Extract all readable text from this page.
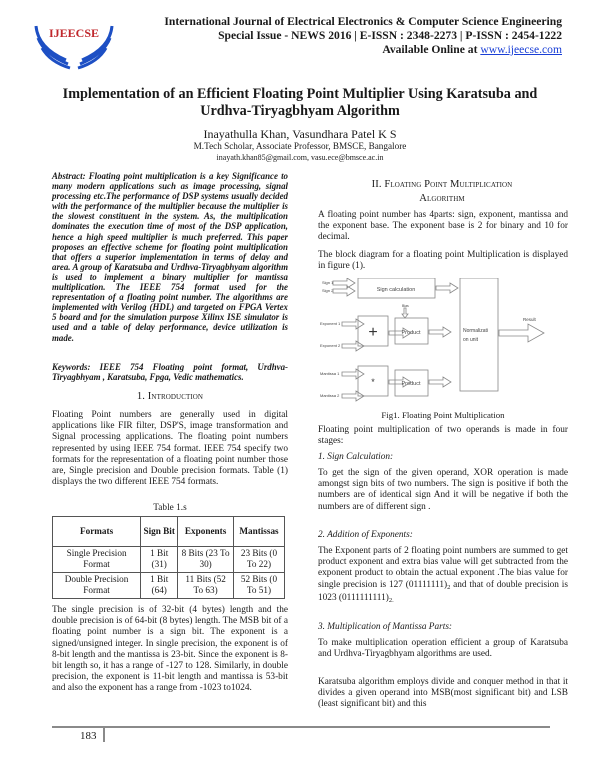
IJEECSE
International Journal of Electrical Electronics & Computer Science Engineering
Special Issue - NEWS 2016 | E-ISSN : 2348-2273 | P-ISSN : 2454-1222
Available Online at www.ijeecse.com
Implementation of an Efficient Floating Point Multiplier Using Karatsuba and
Urdhva-Tiryagbhyam Algorithm
Inayathulla Khan, Vasundhara Patel K S
M.Tech Scholar, Associate Professor, BMSCE, Bangalore
inayath.khan85@gmail.com, vasu.ece@bmsce.ac.in
Abstract: Floating point multiplication is a key Significance to many modern applications such as image processing, signal processing etc.The performance of DSP systems usually decided with the performance of the multiplier because the multiplier is the slowest constituent in the system. As, the multiplication dominates the execution time of most of the DSP application, hence a high speed multiplier is much preferred. This paper proposes an effective scheme for floating point multiplication that offers a superior implementation in terms of delay and area. A group of Karatsuba and Urdhva-Tiryagbhyam algorithm is used to implement a binary multiplier for mantissa multiplication. The IEEE 754 format used for the representation of a floating point number. The algorithms are implemented with Verilog (HDL) and targeted on FPGA Vertex 5 board and for the simulation purpose Xilinx ISE simulator is used and a table of delay performance, device utilization is made.
Keywords: IEEE 754 Floating point format, Urdhva-Tiryagbhyam , Karatsuba, Fpga, Vedic mathematics.
1. Introduction
Floating Point numbers are generally used in digital applications like FIR filter, DSP'S, image transformation and Signal processing applications. The floating point numbers represented by using IEEE 754 format. IEEE 754 specify two formats for the representation of a floating point number those are, Single precision and Double precision formats. Table (1) displays the two different IEEE 754 formats.
Table 1.s
Formats	Sign Bit	Exponents	Mantissas
Single Precision Format	1 Bit (31)	8 Bits (23 To 30)	23 Bits (0 To 22)
Double Precision Format	1 Bit (64)	11 Bits (52 To 63)	52 Bits (0 To 51)
The single precision is of 32-bit (4 bytes) length and the double precision is of 64-bit (8 bytes) length. The MSB bit of a floating point number is a sign bit. The exponent is a signed/unsigned integer. In single precision, the exponent is of 8-bit length and the mantissa is 23-bit. Since the exponent is 8-bit length so, it has a range of -127 to 128. Similarly, in double precision, the exponent is 11-bit length and mantissa is 53-bit and also the exponent has a range from -1023 to1024.
II. Floating Point Multiplication
Algorithm
A floating point number has 4parts: sign, exponent, mantissa and the exponent base. The exponent base is 2 for binary and 10 for decimal.
The block diagram for a floating point Multiplication is displayed in figure (1).
Sign 1
Sign 2
Exponent 1
Exponent 2
Mantissa 1
Mantissa 2
Sign calculation
+
*
Bias
Product
Product
Normalizati
on unit
Result
Fig1. Floating Point Multiplication
Floating point multiplication of two operands is made in four stages:
1. Sign Calculation:
To get the sign of the given operand, XOR operation is made amongst sign bits of two numbers. The sign is positive if both the numbers are of identical sign And it will be negative if both the numbers are of different sign .
2. Addition of Exponents:
The Exponent parts of 2 floating point numbers are summed to get product exponent and extra bias value will get subtracted from the exponent product to obtain the actual exponent .The bias value for single precision is 127 $(01111111)_2$ and that of double precision is 1023 $(0111111111)_{2.}$
3. Multiplication of Mantissa Parts:
To make multiplication operation efficient a group of Karatsuba and Urdhva-Tiryagbhyam algorithms are used.
Karatsuba algorithm employs divide and conquer method in that it divides a given operand into MSB(most significant bit) and LSB (least significant bit) and this
183
